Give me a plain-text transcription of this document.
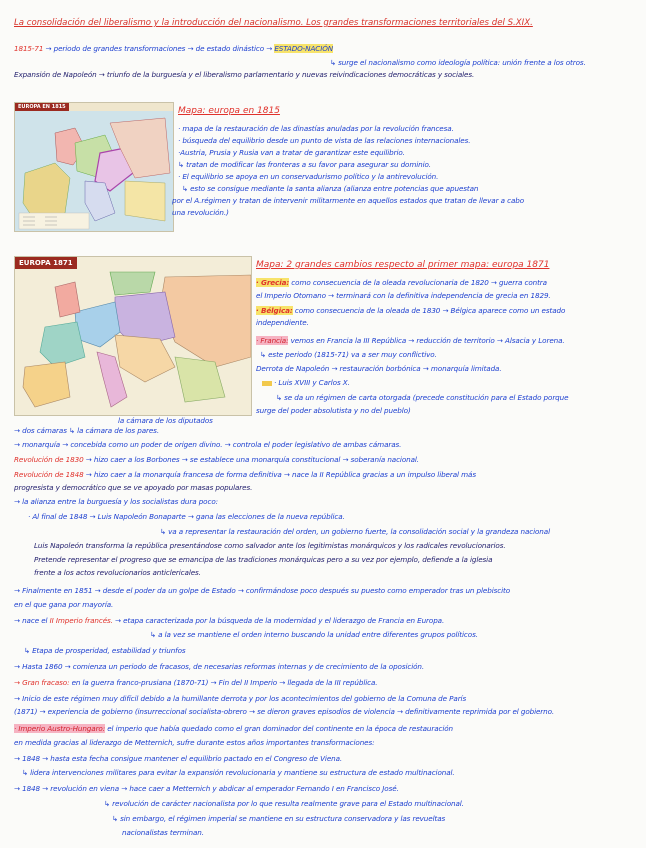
La consolidación del liberalismo y la introducción del nacionalismo. Los grandes transformaciones territoriales del S.XIX.
1815-71 → periodo de grandes transformaciones → de estado dinástico → ESTADO-NACIÓN
↳ surge el nacionalismo como ideología política: unión frente a los otros.
Expansión de Napoleón → triunfo de la burguesía y el liberalismo parlamentario y nuevas reivindicaciones democráticas y sociales.
EUROPA EN 1815	Mapa: europa en 1815
· mapa de la restauración de las dinastías anuladas por la revolución francesa.
· búsqueda del equilibrio desde un punto de vista de las relaciones internacionales.
·Austria, Prusia y Rusia van a tratar de garantizar este equilibrio.
↳ tratan de modificar las fronteras a su favor para asegurar su dominio.
· El equilibrio se apoya en un conservadurismo político y la antirevolución.
↳ esto se consigue mediante la santa alianza (alianza entre potencias que apuestan
por el A.régimen y tratan de intervenir militarmente en aquellos estados que tratan de llevar a cabo
una revolución.)
EUROPA 1871	Mapa: 2 grandes cambios respecto al primer mapa: europa 1871
· Grecia: como consecuencia de la oleada revolucionaria de 1820 → guerra contra
el Imperio Otomano → terminará con la definitiva independencia de grecia en 1829.
· Bélgica: como consecuencia de la oleada de 1830 → Bélgica aparece como un estado
independiente.
· Francia: vemos en Francia la III República → reducción de territorio → Alsacia y Lorena.
↳ este periodo (1815-71) va a ser muy conflictivo.
Derrota de Napoleón → restauración borbónica → monarquía limitada.
· Luis XVIII y Carlos X.
↳ se da un régimen de carta otorgada (precede constitución para el Estado porque
surge del poder absolutista y no del pueblo)
la cámara de los diputados
→ dos cámaras ↳ la cámara de los pares.
→ monarquía → concebida como un poder de origen divino. → controla el poder legislativo de ambas cámaras.
Revolución de 1830 → hizo caer a los Borbones → se establece una monarquía constitucional → soberanía nacional.
Revolución de 1848 → hizo caer a la monarquía francesa de forma definitiva → nace la II República gracias a un impulso liberal más
progresista y democrático que se ve apoyado por masas populares.
→ la alianza entre la burguesía y los socialistas dura poco:
· Al final de 1848 → Luis Napoleón Bonaparte → gana las elecciones de la nueva república.
↳ va a representar la restauración del orden, un gobierno fuerte, la consolidación social y la grandeza nacional
Luis Napoleón transforma la república presentándose como salvador ante los legitimistas monárquicos y los radicales revolucionarios.
Pretende representar el progreso que se emancipa de las tradiciones monárquicas pero a su vez por ejemplo, defiende a la iglesia
frente a los actos revolucionarios anticlericales.
→ Finalmente en 1851 → desde el poder da un golpe de Estado → confirmándose poco después su puesto como emperador tras un plebiscito
en el que gana por mayoría.
→ nace el II Imperio francés. → etapa caracterizada por la búsqueda de la modernidad y el liderazgo de Francia en Europa.
↳ a la vez se mantiene el orden interno buscando la unidad entre diferentes grupos políticos.
↳ Etapa de prosperidad, estabilidad y triunfos
→ Hasta 1860 → comienza un periodo de fracasos, de necesarias reformas internas y de crecimiento de la oposición.
→ Gran fracaso: en la guerra franco-prusiana (1870-71) → Fin del II Imperio → llegada de la III república.
→ Inicio de este régimen muy difícil debido a la humillante derrota y por los acontecimientos del gobierno de la Comuna de París
(1871) → experiencia de gobierno (insurreccional socialista-obrero → se dieron graves episodios de violencia → definitivamente reprimida por el gobierno.
· Imperio Austro-Hungaro: el imperio que había quedado como el gran dominador del continente en la época de restauración
en medida gracias al liderazgo de Metternich, sufre durante estos años importantes transformaciones:
→ 1848 → hasta esta fecha consigue mantener el equilibrio pactado en el Congreso de Viena.
↳ lidera intervenciones militares para evitar la expansión revolucionaria y mantiene su estructura de estado multinacional.
→ 1848 → revolución en viena → hace caer a Metternich y abdicar al emperador Fernando I en Francisco José.
↳ revolución de carácter nacionalista por lo que resulta realmente grave para el Estado multinacional.
↳ sin embargo, el régimen imperial se mantiene en su estructura conservadora y las revueltas
nacionalistas terminan.
